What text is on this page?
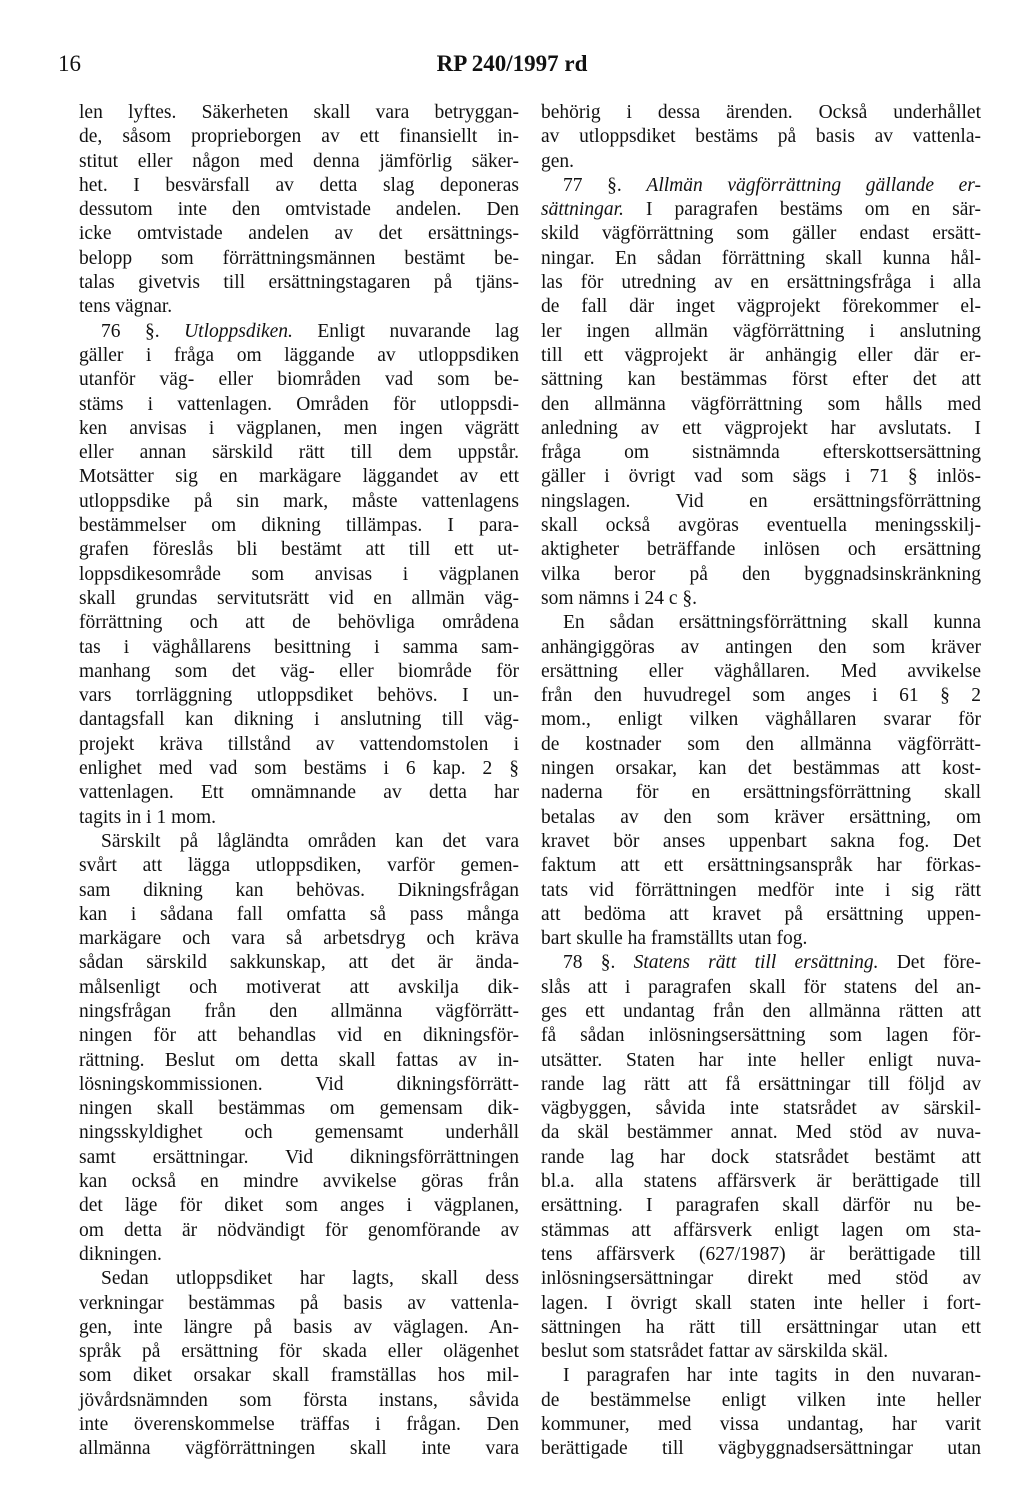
16	RP 240/1997 rd
len lyftes. Säkerheten skall vara betryggan-
de, såsom proprieborgen av ett finansiellt in-
stitut eller någon med denna jämförlig säker-
het. I besvärsfall av detta slag deponeras
dessutom inte den omtvistade andelen. Den
icke omtvistade andelen av det ersättnings-
belopp som förrättningsmännen bestämt be-
talas givetvis till ersättningstagaren på tjäns-
tens vägnar.
76 §. Utloppsdiken. Enligt nuvarande lag
gäller i fråga om läggande av utloppsdiken
utanför väg- eller biområden vad som be-
stäms i vattenlagen. Områden för utloppsdi-
ken anvisas i vägplanen, men ingen vägrätt
eller annan särskild rätt till dem uppstår.
Motsätter sig en markägare läggandet av ett
utloppsdike på sin mark, måste vattenlagens
bestämmelser om dikning tillämpas. I para-
grafen föreslås bli bestämt att till ett ut-
loppsdikesområde som anvisas i vägplanen
skall grundas servitutsrätt vid en allmän väg-
förrättning och att de behövliga områdena
tas i väghållarens besittning i samma sam-
manhang som det väg- eller biområde för
vars torrläggning utloppsdiket behövs. I un-
dantagsfall kan dikning i anslutning till väg-
projekt kräva tillstånd av vattendomstolen i
enlighet med vad som bestäms i 6 kap. 2 §
vattenlagen. Ett omnämnande av detta har
tagits in i 1 mom.
Särskilt på lågländta områden kan det vara
svårt att lägga utloppsdiken, varför gemen-
sam dikning kan behövas. Dikningsfrågan
kan i sådana fall omfatta så pass många
markägare och vara så arbetsdryg och kräva
sådan särskild sakkunskap, att det är ända-
målsenligt och motiverat att avskilja dik-
ningsfrågan från den allmänna vägförrätt-
ningen för att behandlas vid en dikningsför-
rättning. Beslut om detta skall fattas av in-
lösningskommissionen. Vid dikningsförrätt-
ningen skall bestämmas om gemensam dik-
ningsskyldighet och gemensamt underhåll
samt ersättningar. Vid dikningsförrättningen
kan också en mindre avvikelse göras från
det läge för diket som anges i vägplanen,
om detta är nödvändigt för genomförande av
dikningen.
Sedan utloppsdiket har lagts, skall dess
verkningar bestämmas på basis av vattenla-
gen, inte längre på basis av väglagen. An-
språk på ersättning för skada eller olägenhet
som diket orsakar skall framställas hos mil-
jövårdsnämnden som första instans, såvida
inte överenskommelse träffas i frågan. Den
allmänna vägförrättningen skall inte vara
behörig i dessa ärenden. Också underhållet
av utloppsdiket bestäms på basis av vattenla-
gen.
77 §. Allmän vägförrättning gällande er-
sättningar. I paragrafen bestäms om en sär-
skild vägförrättning som gäller endast ersätt-
ningar. En sådan förrättning skall kunna hål-
las för utredning av en ersättningsfråga i alla
de fall där inget vägprojekt förekommer el-
ler ingen allmän vägförrättning i anslutning
till ett vägprojekt är anhängig eller där er-
sättning kan bestämmas först efter det att
den allmänna vägförrättning som hålls med
anledning av ett vägprojekt har avslutats. I
fråga om sistnämnda efterskottsersättning
gäller i övrigt vad som sägs i 71 § inlös-
ningslagen. Vid en ersättningsförrättning
skall också avgöras eventuella meningsskilj-
aktigheter beträffande inlösen och ersättning
vilka beror på den byggnadsinskränkning
som nämns i 24 c §.
En sådan ersättningsförrättning skall kunna
anhängiggöras av antingen den som kräver
ersättning eller väghållaren. Med avvikelse
från den huvudregel som anges i 61 § 2
mom., enligt vilken väghållaren svarar för
de kostnader som den allmänna vägförrätt-
ningen orsakar, kan det bestämmas att kost-
naderna för en ersättningsförrättning skall
betalas av den som kräver ersättning, om
kravet bör anses uppenbart sakna fog. Det
faktum att ett ersättningsanspråk har förkas-
tats vid förrättningen medför inte i sig rätt
att bedöma att kravet på ersättning uppen-
bart skulle ha framställts utan fog.
78 §. Statens rätt till ersättning. Det före-
slås att i paragrafen skall för statens del an-
ges ett undantag från den allmänna rätten att
få sådan inlösningsersättning som lagen för-
utsätter. Staten har inte heller enligt nuva-
rande lag rätt att få ersättningar till följd av
vägbyggen, såvida inte statsrådet av särskil-
da skäl bestämmer annat. Med stöd av nuva-
rande lag har dock statsrådet bestämt att
bl.a. alla statens affärsverk är berättigade till
ersättning. I paragrafen skall därför nu be-
stämmas att affärsverk enligt lagen om sta-
tens affärsverk (627/1987) är berättigade till
inlösningsersättningar direkt med stöd av
lagen. I övrigt skall staten inte heller i fort-
sättningen ha rätt till ersättningar utan ett
beslut som statsrådet fattar av särskilda skäl.
I paragrafen har inte tagits in den nuvaran-
de bestämmelse enligt vilken inte heller
kommuner, med vissa undantag, har varit
berättigade till vägbyggnadsersättningar utan
